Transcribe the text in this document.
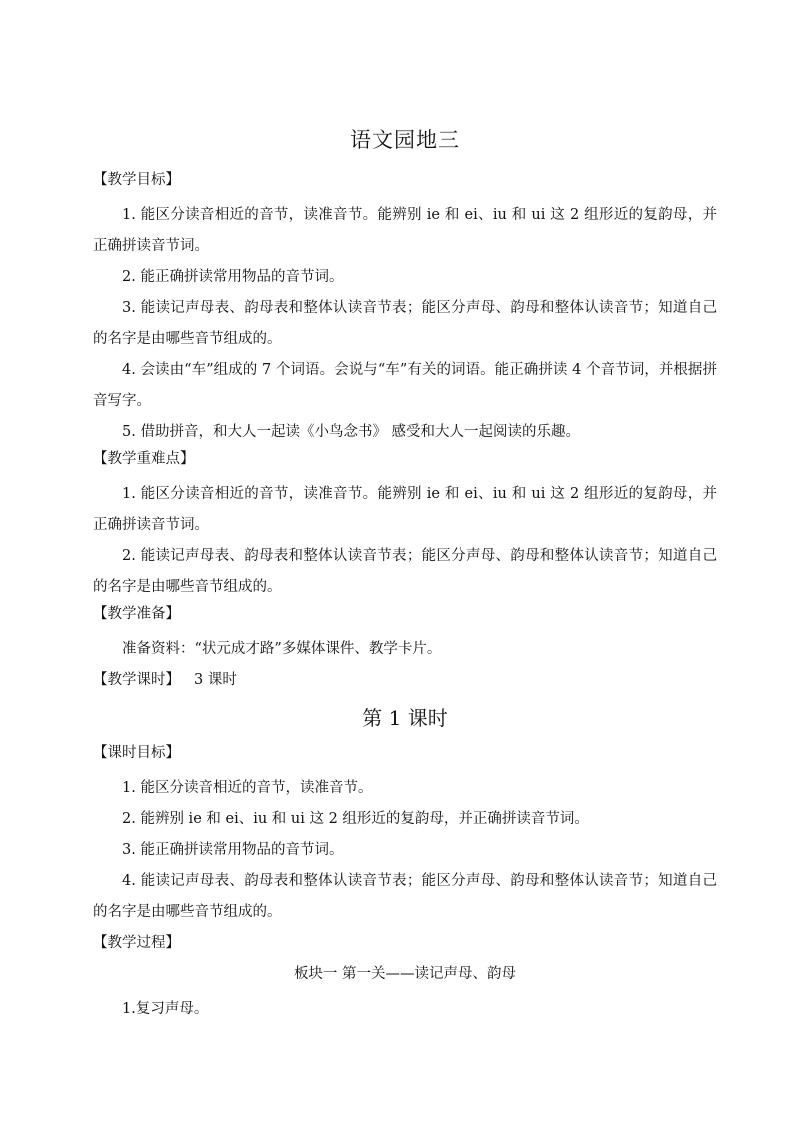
语文园地三
【教学目标】
1. 能区分读音相近的音节，读准音节。能辨别 ie 和 ei、iu 和 ui 这 2 组形近的复韵母，并正确拼读音节词。
2. 能正确拼读常用物品的音节词。
3. 能读记声母表、韵母表和整体认读音节表；能区分声母、韵母和整体认读音节；知道自己的名字是由哪些音节组成的。
4. 会读由“车”组成的 7 个词语。会说与“车”有关的词语。能正确拼读 4 个音节词，并根据拼音写字。
5. 借助拼音，和大人一起读《小鸟念书》 感受和大人一起阅读的乐趣。
【教学重难点】
1. 能区分读音相近的音节，读准音节。能辨别 ie 和 ei、iu 和 ui 这 2 组形近的复韵母，并正确拼读音节词。
2. 能读记声母表、韵母表和整体认读音节表；能区分声母、韵母和整体认读音节；知道自己的名字是由哪些音节组成的。
【教学准备】
准备资料：“状元成才路”多媒体课件、教学卡片。
【教学课时】 3 课时
第 1 课时
【课时目标】
1. 能区分读音相近的音节，读准音节。
2. 能辨别 ie 和 ei、iu 和 ui 这 2 组形近的复韵母，并正确拼读音节词。
3. 能正确拼读常用物品的音节词。
4. 能读记声母表、韵母表和整体认读音节表；能区分声母、韵母和整体认读音节；知道自己的名字是由哪些音节组成的。
【教学过程】
板块一 第一关——读记声母、韵母
1.复习声母。
